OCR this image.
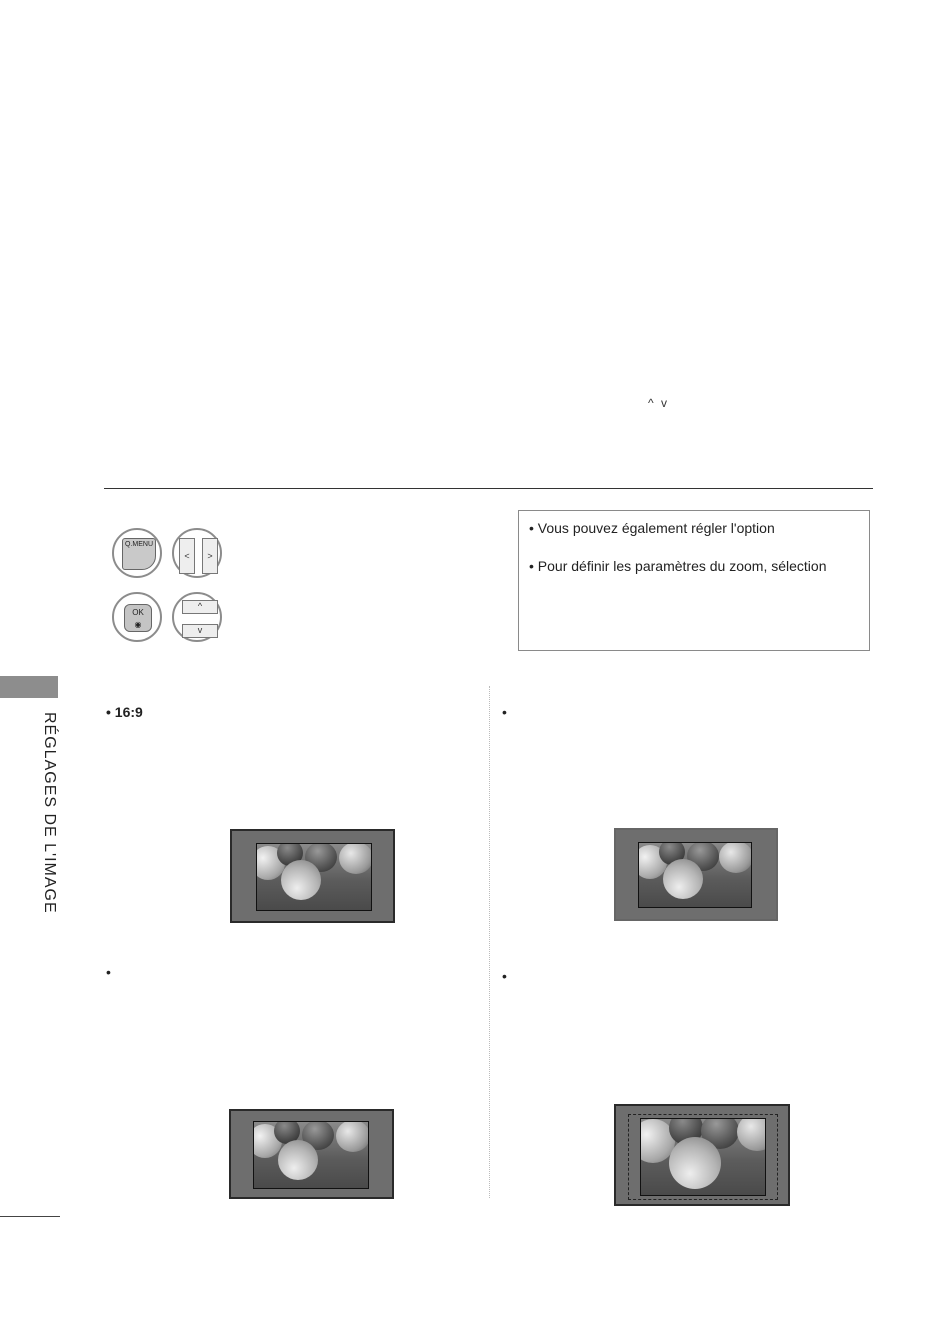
^ v
Q.MENU
<	>
OK
◉
^
v
• Vous pouvez également régler l'option
• Pour définir les paramètres du zoom, sélection
RÉGLAGES DE L'IMAGE	• 16:9	•
•	•
